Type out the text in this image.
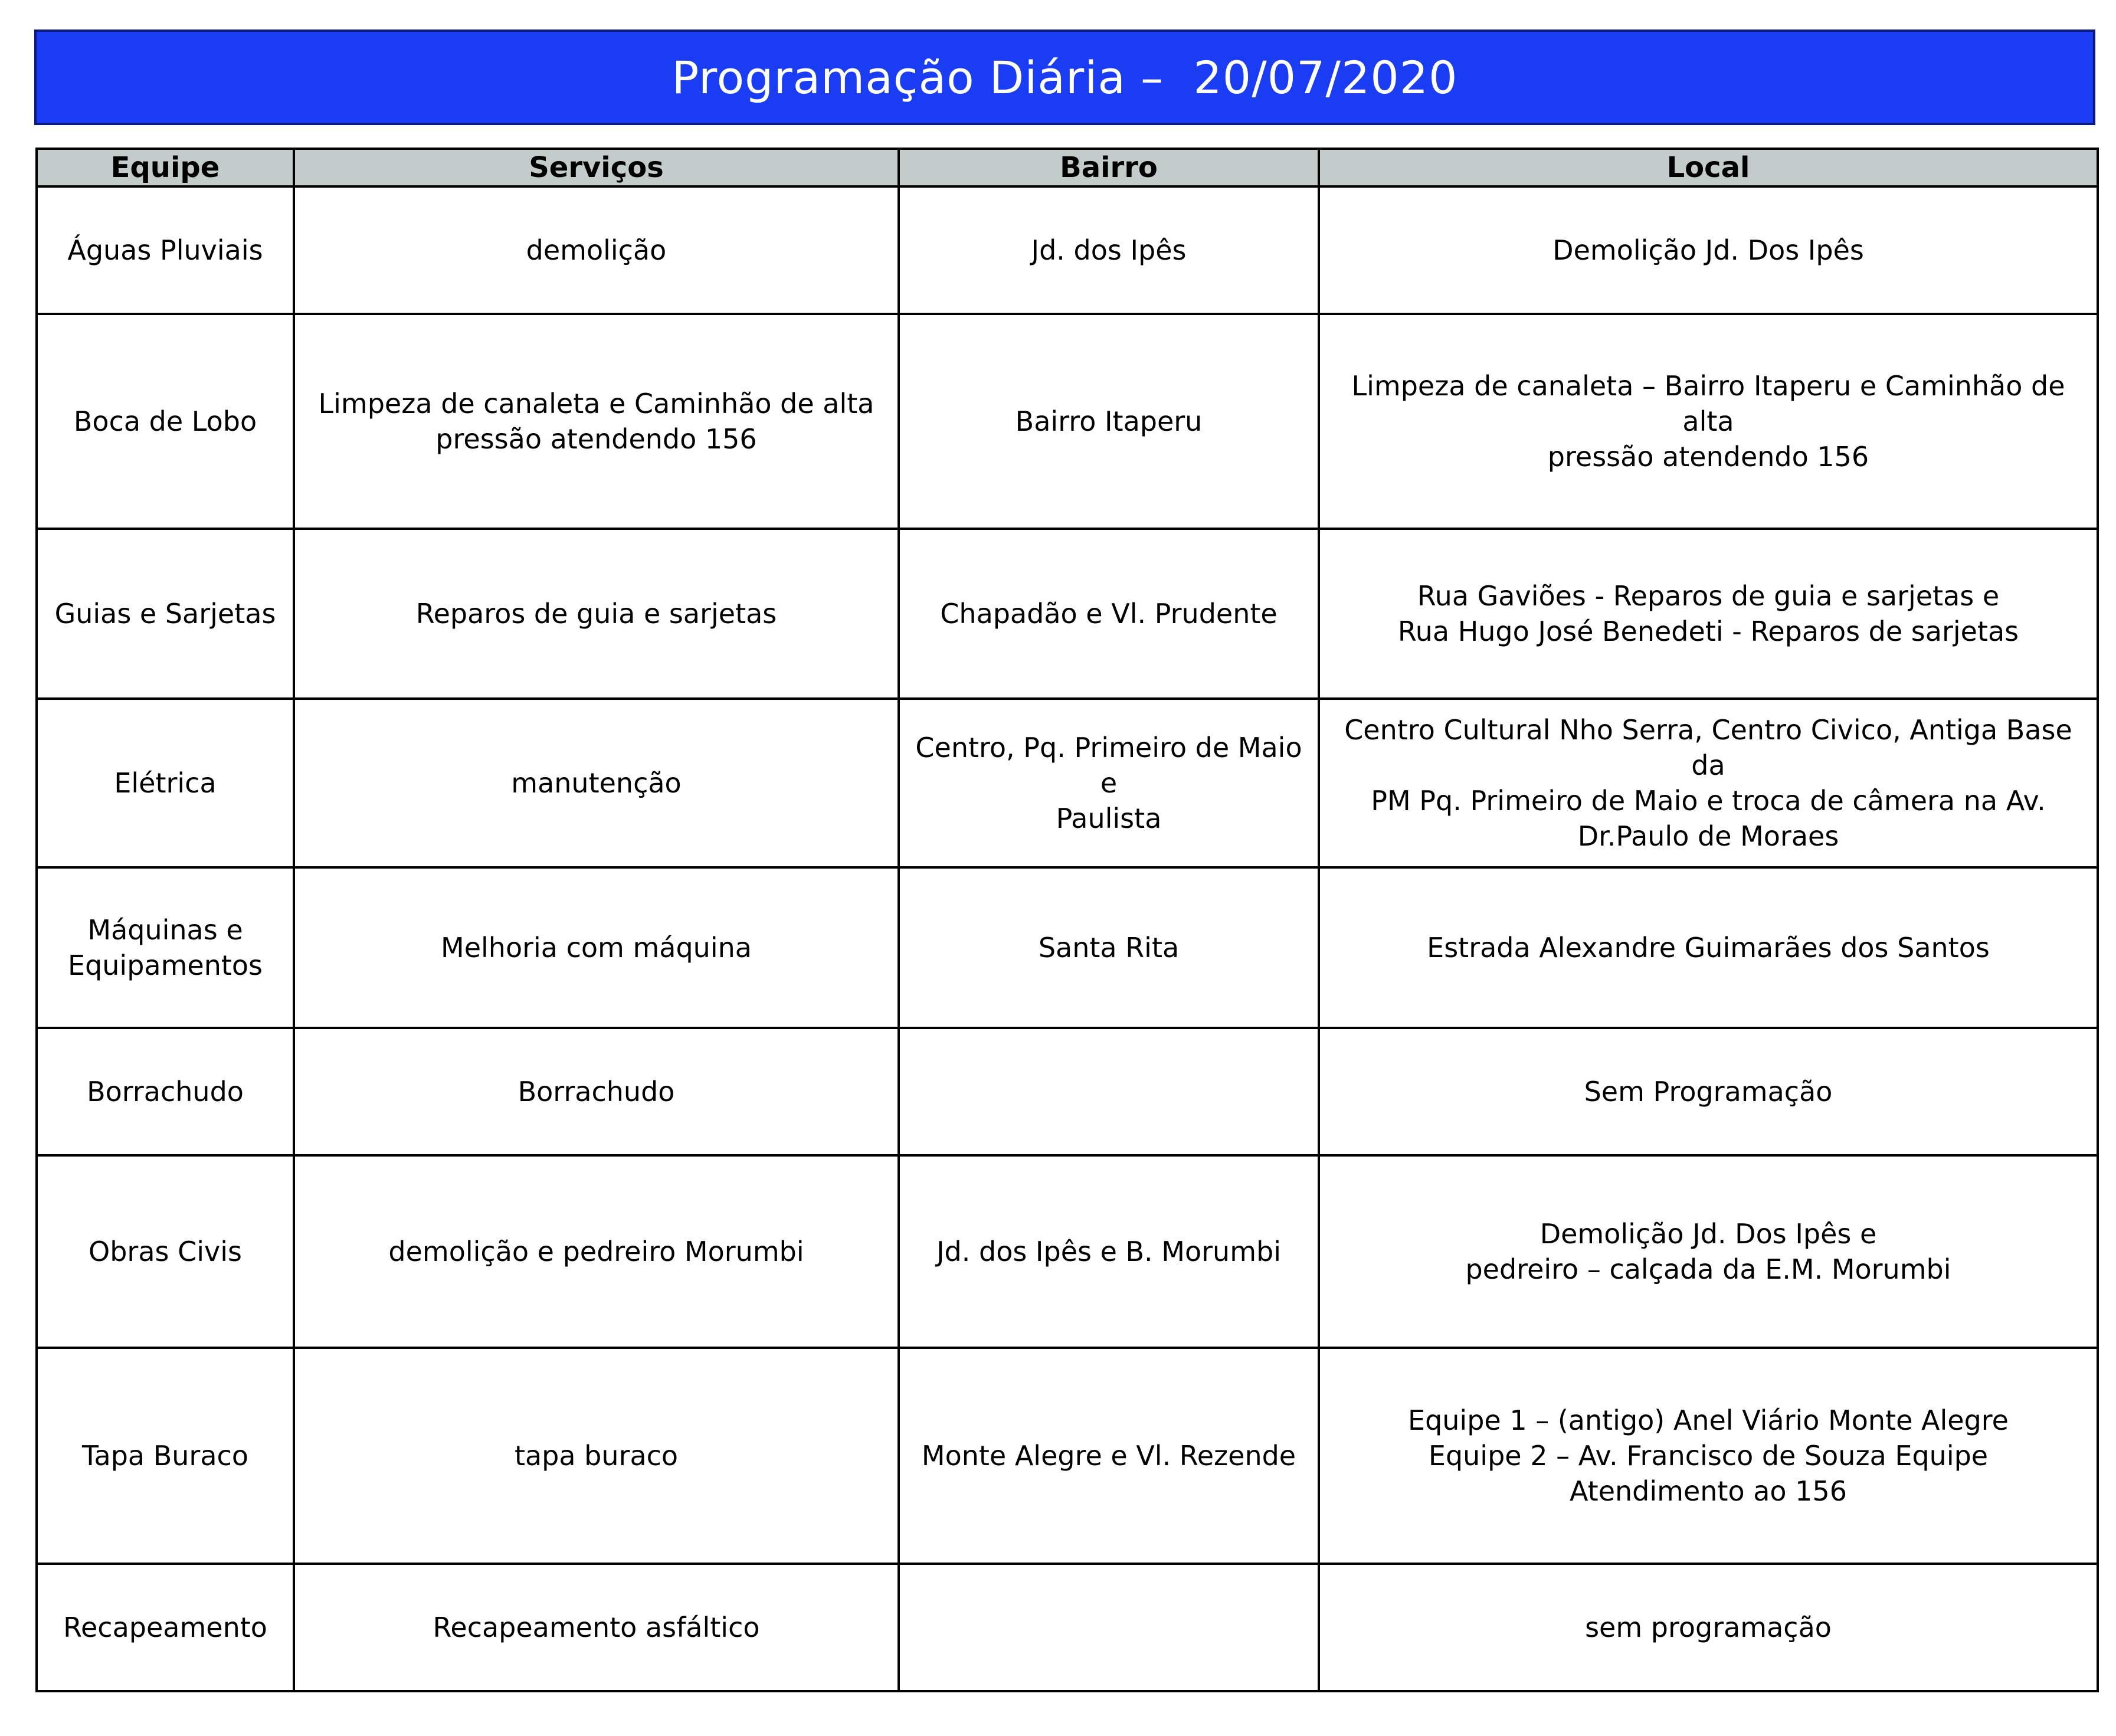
Programação Diária –  20/07/2020
Equipe	Serviços	Bairro	Local

Águas Pluviais	demolição	Jd. dos Ipês	Demolição Jd. Dos Ipês

Boca de Lobo	Limpeza de canaleta e Caminhão de alta
pressão atendendo 156	Bairro Itaperu	Limpeza de canaleta – Bairro Itaperu e Caminhão de alta
pressão atendendo 156

Guias e Sarjetas	Reparos de guia e sarjetas	Chapadão e Vl. Prudente	Rua Gaviões - Reparos de guia e sarjetas e
Rua Hugo José Benedeti - Reparos de sarjetas

Elétrica	manutenção	Centro, Pq. Primeiro de Maio e
Paulista	Centro Cultural Nho Serra, Centro Civico, Antiga Base da
PM Pq. Primeiro de Maio e troca de câmera na Av.
Dr.Paulo de Moraes

Máquinas e
Equipamentos	Melhoria com máquina	Santa Rita	Estrada Alexandre Guimarães dos Santos

Borrachudo	Borrachudo		Sem Programação

Obras Civis	demolição e pedreiro Morumbi	Jd. dos Ipês e B. Morumbi	Demolição Jd. Dos Ipês e
pedreiro – calçada da E.M. Morumbi

Tapa Buraco	tapa buraco	Monte Alegre e Vl. Rezende	Equipe 1 – (antigo) Anel Viário Monte Alegre
Equipe 2 – Av. Francisco de Souza Equipe
Atendimento ao 156

Recapeamento	Recapeamento asfáltico		sem programação
